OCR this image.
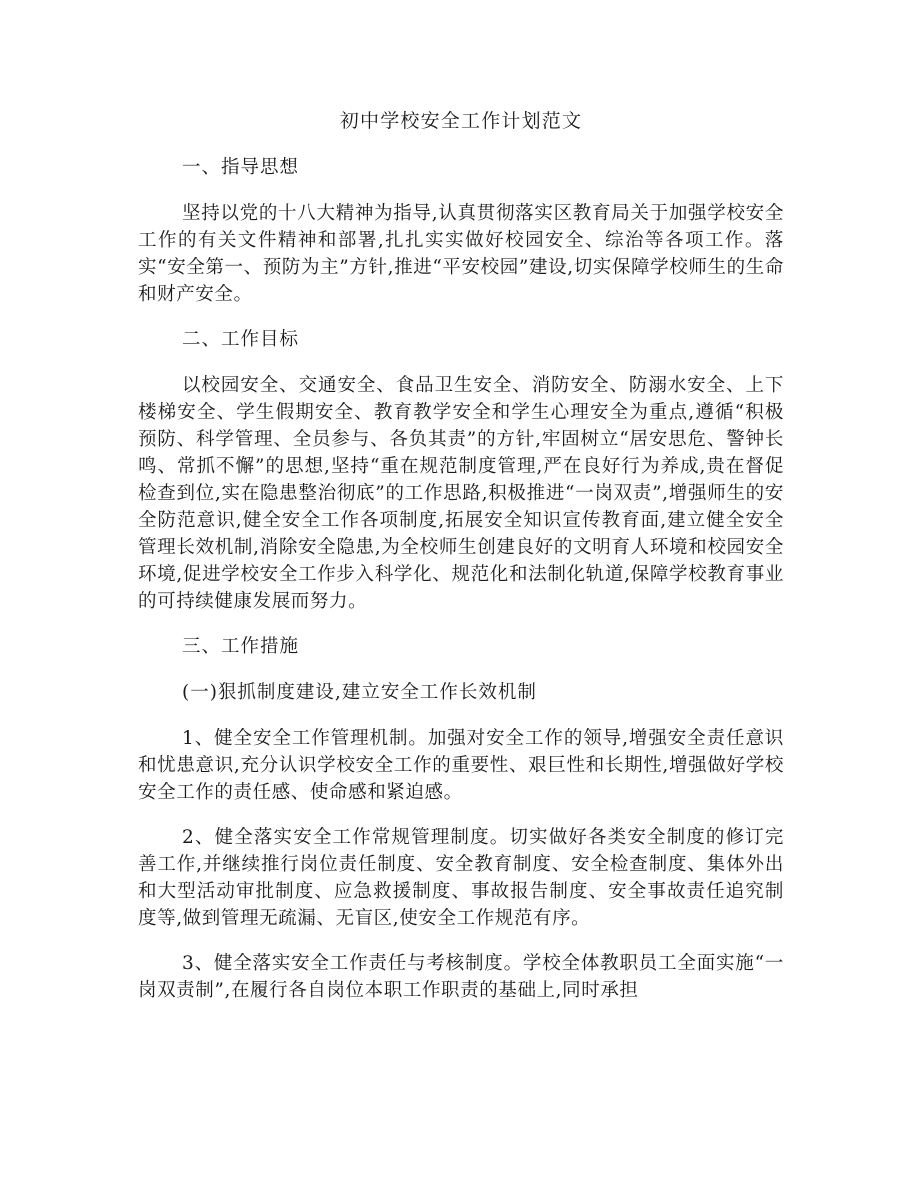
初中学校安全工作计划范文

一、指导思想

坚持以党的十八大精神为指导,认真贯彻落实区教育局关于加强学校安全工作的有关文件精神和部署,扎扎实实做好校园安全、综治等各项工作。落实“安全第一、预防为主”方针,推进“平安校园”建设,切实保障学校师生的生命和财产安全。

二、工作目标

以校园安全、交通安全、食品卫生安全、消防安全、防溺水安全、上下楼梯安全、学生假期安全、教育教学安全和学生心理安全为重点,遵循“积极预防、科学管理、全员参与、各负其责”的方针,牢固树立“居安思危、警钟长鸣、常抓不懈”的思想,坚持“重在规范制度管理,严在良好行为养成,贵在督促检查到位,实在隐患整治彻底”的工作思路,积极推进“一岗双责”,增强师生的安全防范意识,健全安全工作各项制度,拓展安全知识宣传教育面,建立健全安全管理长效机制,消除安全隐患,为全校师生创建良好的文明育人环境和校园安全环境,促进学校安全工作步入科学化、规范化和法制化轨道,保障学校教育事业的可持续健康发展而努力。

三、工作措施

(一)狠抓制度建设,建立安全工作长效机制

1、健全安全工作管理机制。加强对安全工作的领导,增强安全责任意识和忧患意识,充分认识学校安全工作的重要性、艰巨性和长期性,增强做好学校安全工作的责任感、使命感和紧迫感。

2、健全落实安全工作常规管理制度。切实做好各类安全制度的修订完善工作,并继续推行岗位责任制度、安全教育制度、安全检查制度、集体外出和大型活动审批制度、应急救援制度、事故报告制度、安全事故责任追究制度等,做到管理无疏漏、无盲区,使安全工作规范有序。

3、健全落实安全工作责任与考核制度。学校全体教职员工全面实施“一岗双责制”,在履行各自岗位本职工作职责的基础上,同时承担
